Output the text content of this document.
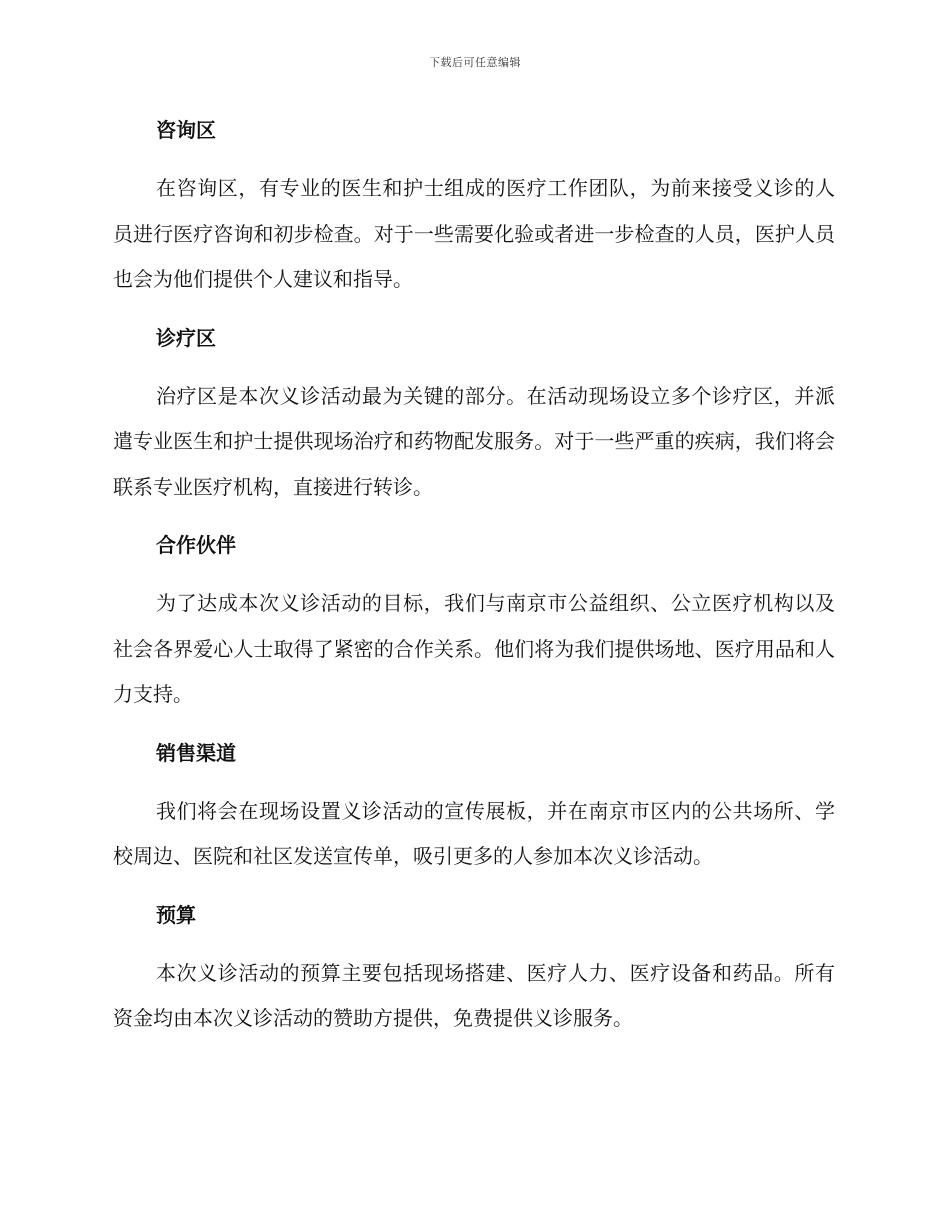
下载后可任意编辑
咨询区

在咨询区，有专业的医生和护士组成的医疗工作团队，为前来接受义诊的人员进行医疗咨询和初步检查。对于一些需要化验或者进一步检查的人员，医护人员也会为他们提供个人建议和指导。

诊疗区

治疗区是本次义诊活动最为关键的部分。在活动现场设立多个诊疗区，并派遣专业医生和护士提供现场治疗和药物配发服务。对于一些严重的疾病，我们将会联系专业医疗机构，直接进行转诊。

合作伙伴

为了达成本次义诊活动的目标，我们与南京市公益组织、公立医疗机构以及社会各界爱心人士取得了紧密的合作关系。他们将为我们提供场地、医疗用品和人力支持。

销售渠道

我们将会在现场设置义诊活动的宣传展板，并在南京市区内的公共场所、学校周边、医院和社区发送宣传单，吸引更多的人参加本次义诊活动。

预算

本次义诊活动的预算主要包括现场搭建、医疗人力、医疗设备和药品。所有资金均由本次义诊活动的赞助方提供，免费提供义诊服务。
